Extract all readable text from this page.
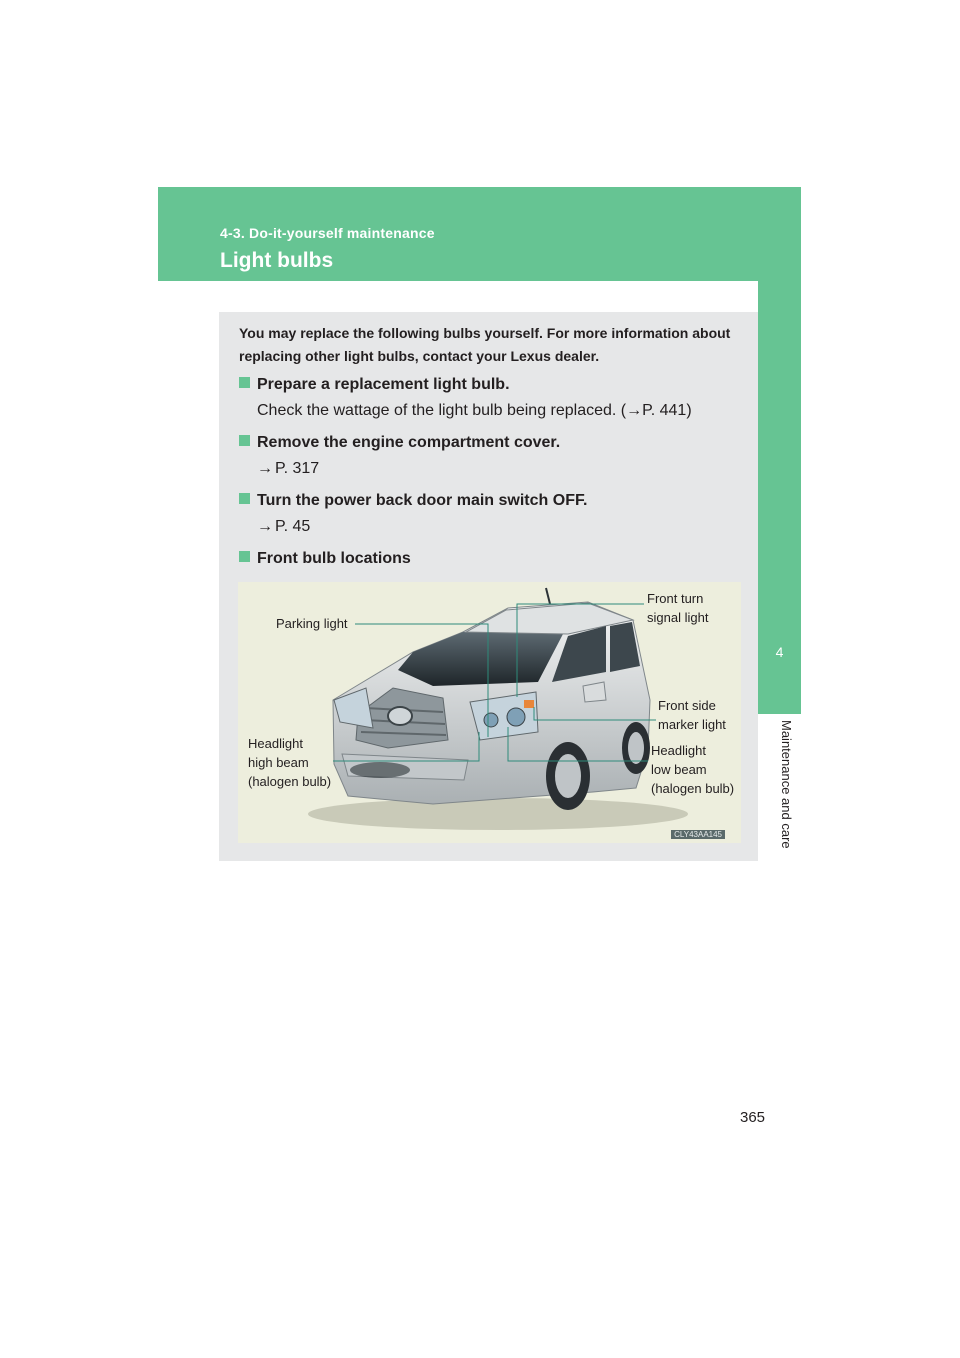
4-3. Do-it-yourself maintenance
Light bulbs
4
Maintenance and care

You may replace the following bulbs yourself. For more information about replacing other light bulbs, contact your Lexus dealer.

Prepare a replacement light bulb.

Check the wattage of the light bulb being replaced. (→P. 441)

Remove the engine compartment cover.

→ P. 317

Turn the power back door main switch OFF.

→ P. 45

Front bulb locations

Parking light
Front turn
signal light
Front side
marker light
Headlight
high beam
(halogen bulb)
Headlight
low beam
(halogen bulb)
CLY43AA145
365
